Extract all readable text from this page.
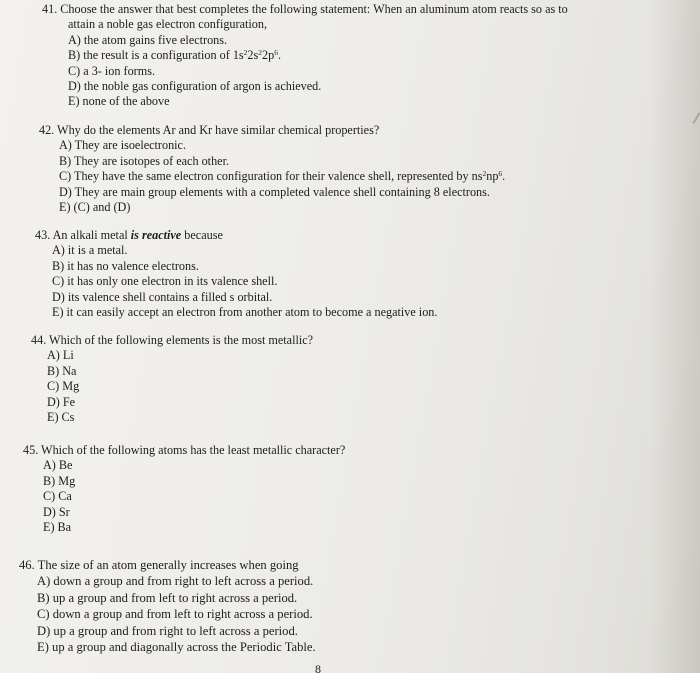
41. Choose the answer that best completes the following statement: When an aluminum atom reacts so as to
attain a noble gas electron configuration,
A) the atom gains five electrons.
B) the result is a configuration of $1s^22s^22p^6$.
C) a 3- ion forms.
D) the noble gas configuration of argon is achieved.
E) none of the above
42. Why do the elements Ar and Kr have similar chemical properties?
A) They are isoelectronic.
B) They are isotopes of each other.
C) They have the same electron configuration for their valence shell, represented by $ns^2np^6$.
D) They are main group elements with a completed valence shell containing 8 electrons.
E) (C) and (D)
43. An alkali metal is reactive because
A) it is a metal.
B) it has no valence electrons.
C) it has only one electron in its valence shell.
D) its valence shell contains a filled s orbital.
E) it can easily accept an electron from another atom to become a negative ion.
44. Which of the following elements is the most metallic?
A) Li
B) Na
C) Mg
D) Fe
E) Cs
45. Which of the following atoms has the least metallic character?
A) Be
B) Mg
C) Ca
D) Sr
E) Ba
46. The size of an atom generally increases when going
A) down a group and from right to left across a period.
B) up a group and from left to right across a period.
C) down a group and from left to right across a period.
D) up a group and from right to left across a period.
E) up a group and diagonally across the Periodic Table.
8
